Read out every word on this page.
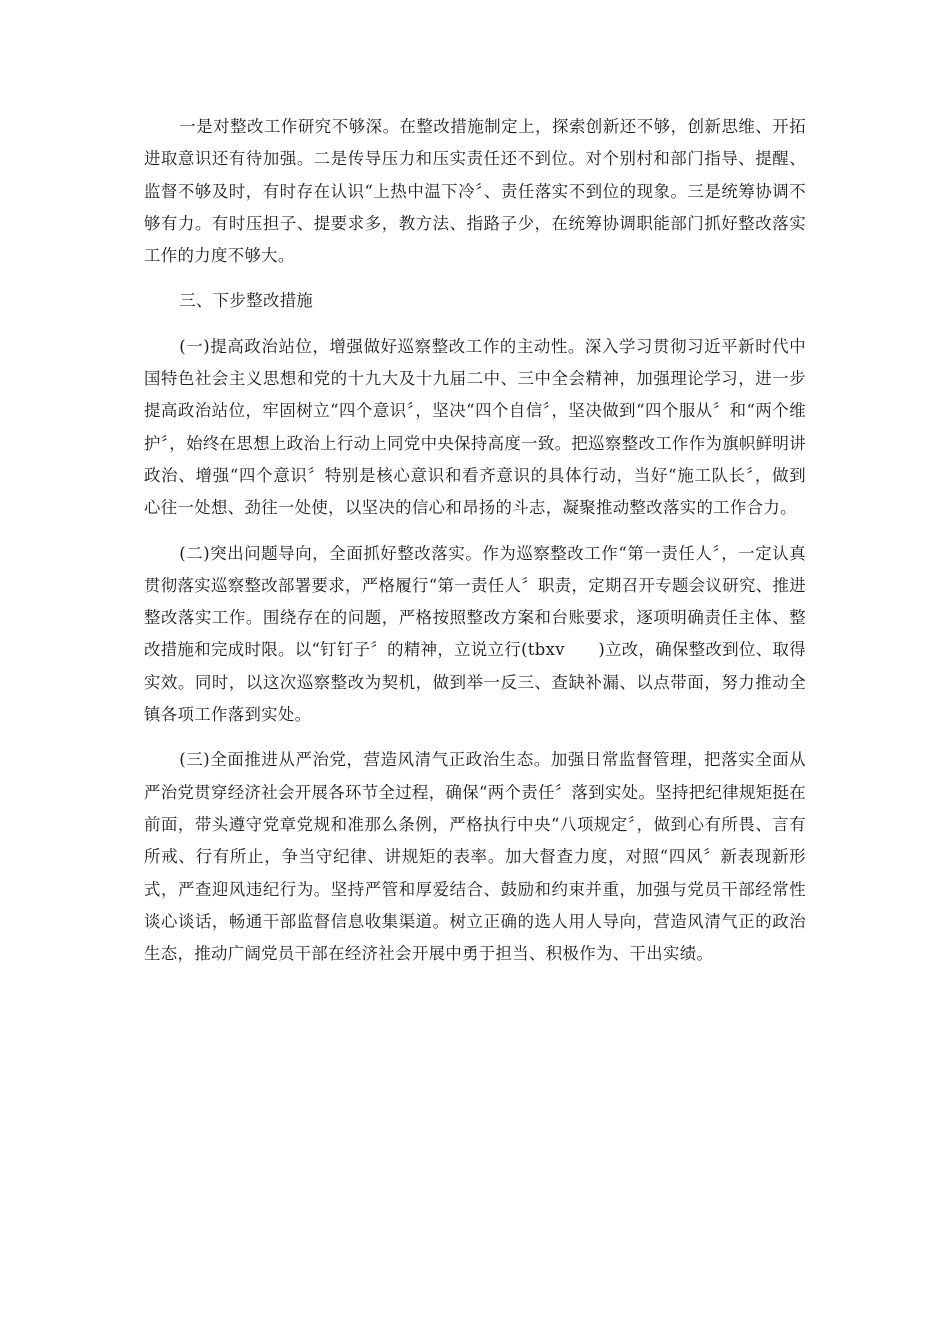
一是对整改工作研究不够深。在整改措施制定上，探索创新还不够，创新思维、开拓进取意识还有待加强。二是传导压力和压实责任还不到位。对个别村和部门指导、提醒、监督不够及时，有时存在认识“上热中温下冷〞、责任落实不到位的现象。三是统筹协调不够有力。有时压担子、提要求多，教方法、指路子少，在统筹协调职能部门抓好整改落实工作的力度不够大。

三、下步整改措施

(一)提高政治站位，增强做好巡察整改工作的主动性。深入学习贯彻习近平新时代中国特色社会主义思想和党的十九大及十九届二中、三中全会精神，加强理论学习，进一步提高政治站位，牢固树立“四个意识〞，坚决“四个自信〞，坚决做到“四个服从〞和“两个维护〞，始终在思想上政治上行动上同党中央保持高度一致。把巡察整改工作作为旗帜鲜明讲政治、增强“四个意识〞特别是核心意识和看齐意识的具体行动，当好“施工队长〞，做到心往一处想、劲往一处使，以坚决的信心和昂扬的斗志，凝聚推动整改落实的工作合力。

(二)突出问题导向，全面抓好整改落实。作为巡察整改工作“第一责任人〞，一定认真贯彻落实巡察整改部署要求，严格履行“第一责任人〞职责，定期召开专题会议研究、推进整改落实工作。围绕存在的问题，严格按照整改方案和台账要求，逐项明确责任主体、整改措施和完成时限。以“钉钉子〞的精神，立说立行(tbxv　　)立改，确保整改到位、取得实效。同时，以这次巡察整改为契机，做到举一反三、查缺补漏、以点带面，努力推动全镇各项工作落到实处。

(三)全面推进从严治党，营造风清气正政治生态。加强日常监督管理，把落实全面从严治党贯穿经济社会开展各环节全过程，确保“两个责任〞落到实处。坚持把纪律规矩挺在前面，带头遵守党章党规和准那么条例，严格执行中央“八项规定〞，做到心有所畏、言有所戒、行有所止，争当守纪律、讲规矩的表率。加大督查力度，对照“四风〞新表现新形式，严查迎风违纪行为。坚持严管和厚爱结合、鼓励和约束并重，加强与党员干部经常性谈心谈话，畅通干部监督信息收集渠道。树立正确的选人用人导向，营造风清气正的政治生态，推动广阔党员干部在经济社会开展中勇于担当、积极作为、干出实绩。
